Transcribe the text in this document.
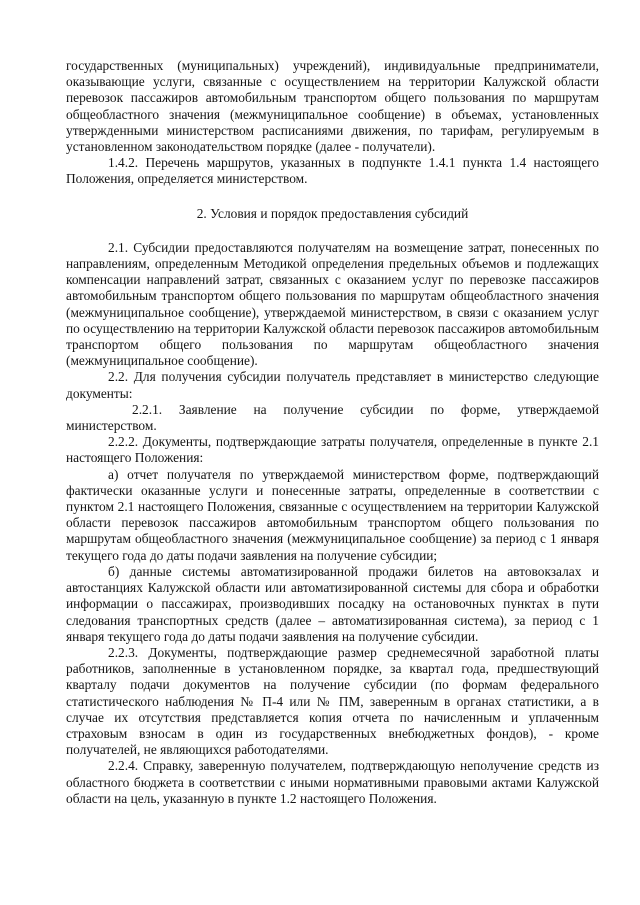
государственных (муниципальных) учреждений), индивидуальные предприниматели, оказывающие услуги, связанные с осуществлением на территории Калужской области перевозок пассажиров автомобильным транспортом общего пользования по маршрутам общеобластного значения (межмуниципальное сообщение) в объемах, установленных утвержденными министерством расписаниями движения, по тарифам, регулируемым в установленном законодательством порядке (далее - получатели).

1.4.2. Перечень маршрутов, указанных в подпункте 1.4.1 пункта 1.4 настоящего Положения, определяется министерством.

2. Условия и порядок предоставления субсидий

2.1. Субсидии предоставляются получателям на возмещение затрат, понесенных по направлениям, определенным Методикой определения предельных объемов и подлежащих компенсации направлений затрат, связанных с оказанием услуг по перевозке пассажиров автомобильным транспортом общего пользования по маршрутам общеобластного значения (межмуниципальное сообщение), утверждаемой министерством, в связи с оказанием услуг по осуществлению на территории Калужской области перевозок пассажиров автомобильным транспортом общего пользования по маршрутам общеобластного значения (межмуниципальное сообщение).

2.2. Для получения субсидии получатель представляет в министерство следующие документы:

2.2.1. Заявление на получение субсидии по форме, утверждаемой министерством.

2.2.2. Документы, подтверждающие затраты получателя, определенные в пункте 2.1 настоящего Положения:

а) отчет получателя по утверждаемой министерством форме, подтверждающий фактически оказанные услуги и понесенные затраты, определенные в соответствии с пунктом 2.1 настоящего Положения, связанные с осуществлением на территории Калужской области перевозок пассажиров автомобильным транспортом общего пользования по маршрутам общеобластного значения (межмуниципальное сообщение) за период с 1 января текущего года до даты подачи заявления на получение субсидии;

б) данные системы автоматизированной продажи билетов на автовокзалах и автостанциях Калужской области или автоматизированной системы для сбора и обработки информации о пассажирах, производивших посадку на остановочных пунктах в пути следования транспортных средств (далее – автоматизированная система), за период с 1 января текущего года до даты подачи заявления на получение субсидии.

2.2.3. Документы, подтверждающие размер среднемесячной заработной платы работников, заполненные в установленном порядке, за квартал года, предшествующий кварталу подачи документов на получение субсидии (по формам федерального статистического наблюдения № П-4 или № ПМ, заверенным в органах статистики, а в случае их отсутствия представляется копия отчета по начисленным и уплаченным страховым взносам в один из государственных внебюджетных фондов), - кроме получателей, не являющихся работодателями.

2.2.4. Справку, заверенную получателем, подтверждающую неполучение средств из областного бюджета в соответствии с иными нормативными правовыми актами Калужской области на цель, указанную в пункте 1.2 настоящего Положения.
